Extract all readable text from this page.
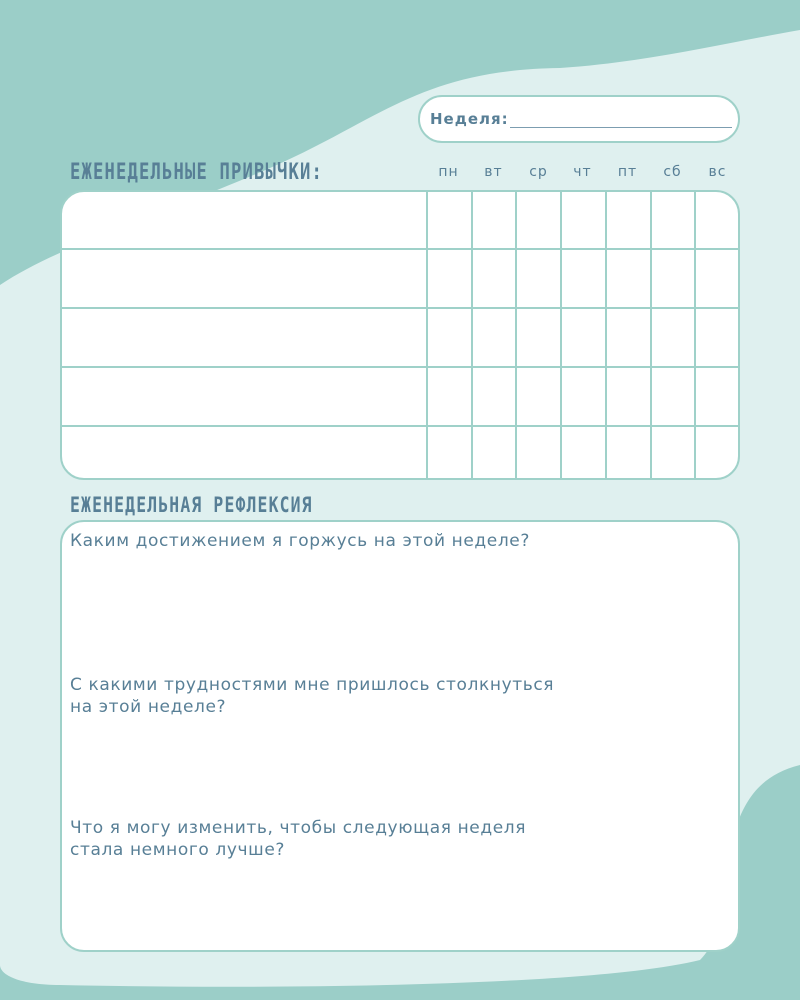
Неделя:
ЕЖЕНЕДЕЛЬНЫЕ ПРИВЫЧКИ:	пн	вт	ср	чт	пт	сб	вс
ЕЖЕНЕДЕЛЬНАЯ РЕФЛЕКСИЯ
Каким достижением я горжусь на этой неделе?
С какими трудностями мне пришлось столкнуться
на этой неделе?
Что я могу изменить, чтобы следующая неделя
стала немного лучше?
